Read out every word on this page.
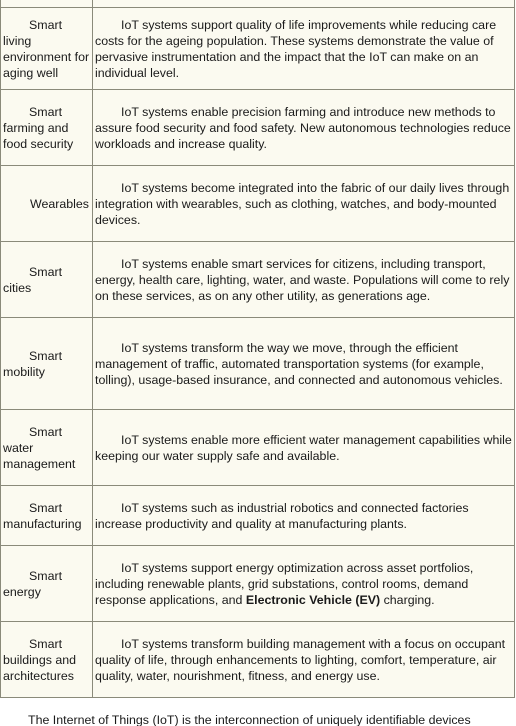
Smart
living environment for aging well	IoT systems support quality of life improvements while reducing care costs for the ageing population. These systems demonstrate the value of pervasive instrumentation and the impact that the IoT can make on an individual level.

Smart
farming and food security	IoT systems enable precision farming and introduce new methods to assure food security and food safety. New autonomous technologies reduce workloads and increase quality.

Wearables	IoT systems become integrated into the fabric of our daily lives through integration with wearables, such as clothing, watches, and body-mounted devices.

Smart
cities	IoT systems enable smart services for citizens, including transport, energy, health care, lighting, water, and waste. Populations will come to rely on these services, as on any other utility, as generations age.

Smart
mobility	IoT systems transform the way we move, through the efficient management of traffic, automated transportation systems (for example, tolling), usage-based insurance, and connected and autonomous vehicles.

Smart
water management	IoT systems enable more efficient water management capabilities while keeping our water supply safe and available.

Smart
manufacturing	IoT systems such as industrial robotics and connected factories increase productivity and quality at manufacturing plants.

Smart
energy	IoT systems support energy optimization across asset portfolios, including renewable plants, grid substations, control rooms, demand response applications, and Electronic Vehicle (EV) charging.

Smart
buildings and architectures	IoT systems transform building management with a focus on occupant quality of life, through enhancements to lighting, comfort, temperature, air quality, water, nourishment, fitness, and energy use.
The Internet of Things (IoT) is the interconnection of uniquely identifiable devices
